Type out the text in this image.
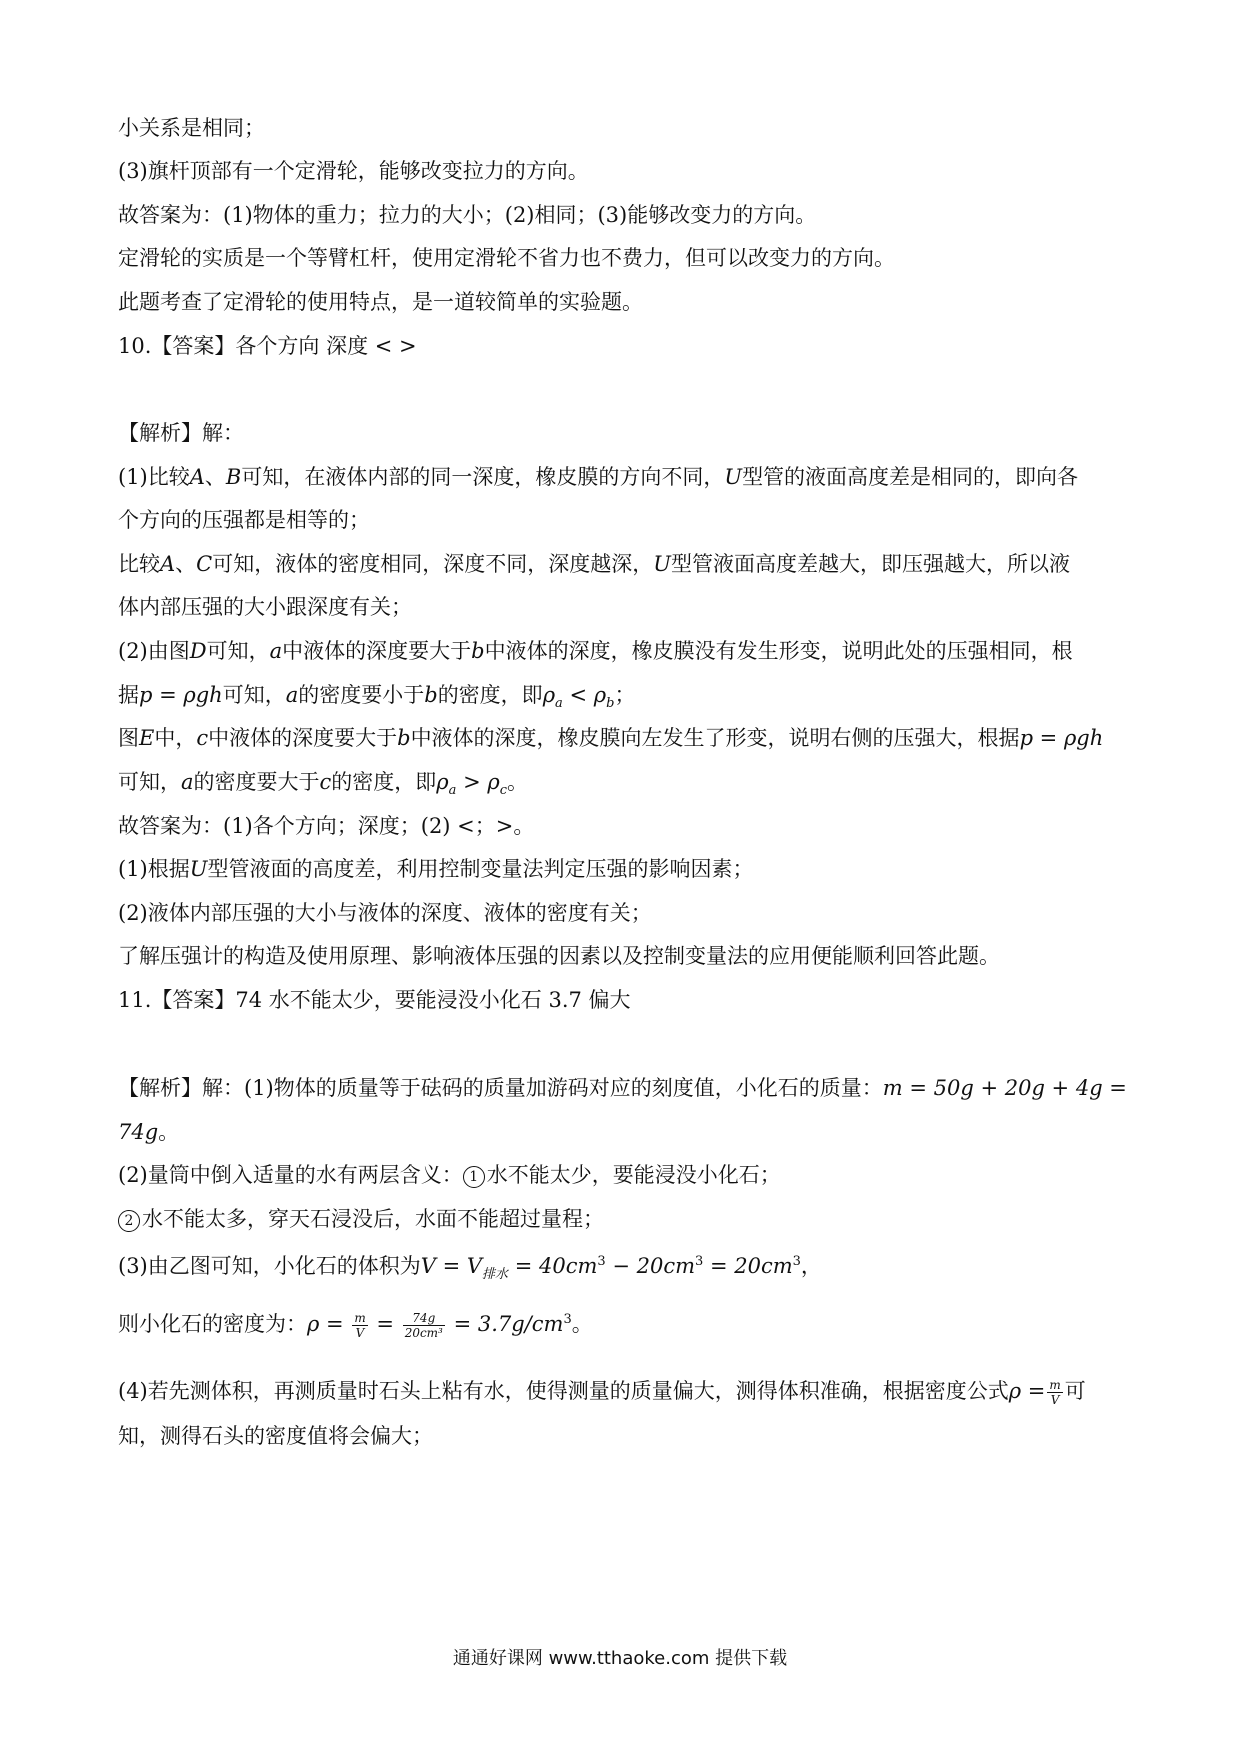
小关系是相同；
(3)旗杆顶部有一个定滑轮，能够改变拉力的方向。
故答案为：(1)物体的重力；拉力的大小；(2)相同；(3)能够改变力的方向。
定滑轮的实质是一个等臂杠杆，使用定滑轮不省力也不费力，但可以改变力的方向。
此题考查了定滑轮的使用特点，是一道较简单的实验题。
10.【答案】各个方向 深度 < >
【解析】解：
(1)比较A、B可知，在液体内部的同一深度，橡皮膜的方向不同，U型管的液面高度差是相同的，即向各
个方向的压强都是相等的；
比较A、C可知，液体的密度相同，深度不同，深度越深，U型管液面高度差越大，即压强越大，所以液
体内部压强的大小跟深度有关；
(2)由图D可知，a中液体的深度要大于b中液体的深度，橡皮膜没有发生形变，说明此处的压强相同，根
据p = ρgh可知，a的密度要小于b的密度，即$\rho_a < \rho_b$；
图E中，c中液体的深度要大于b中液体的深度，橡皮膜向左发生了形变，说明右侧的压强大，根据p = ρgh
可知，a的密度要大于c的密度，即$\rho_a > \rho_c$。
故答案为：(1)各个方向；深度；(2) <；>。
(1)根据U型管液面的高度差，利用控制变量法判定压强的影响因素；
(2)液体内部压强的大小与液体的深度、液体的密度有关；
了解压强计的构造及使用原理、影响液体压强的因素以及控制变量法的应用便能顺利回答此题。
11.【答案】74 水不能太少，要能浸没小化石 3.7 偏大
【解析】解：(1)物体的质量等于砝码的质量加游码对应的刻度值，小化石的质量：m = 50g + 20g + 4g =
74g。
(2)量筒中倒入适量的水有两层含义： 1 水不能太少，要能浸没小化石；
2 水不能太多，穿天石浸没后，水面不能超过量程；
(3)由乙图可知，小化石的体积为$V = V_{排水} = 40cm^3 - 20cm^3 = 20cm^3$，
则小化石的密度为：$\rho = \frac{m}{V} = \frac{74g}{\text{20cm³}} = 3.7g/cm^3$。
(4)若先测体积，再测质量时石头上粘有水，使得测量的质量偏大，测得体积准确，根据密度公式$\rho = \frac{m}{V}$ 可
知，测得石头的密度值将会偏大；
通通好课网 www.tthaoke.com 提供下载
